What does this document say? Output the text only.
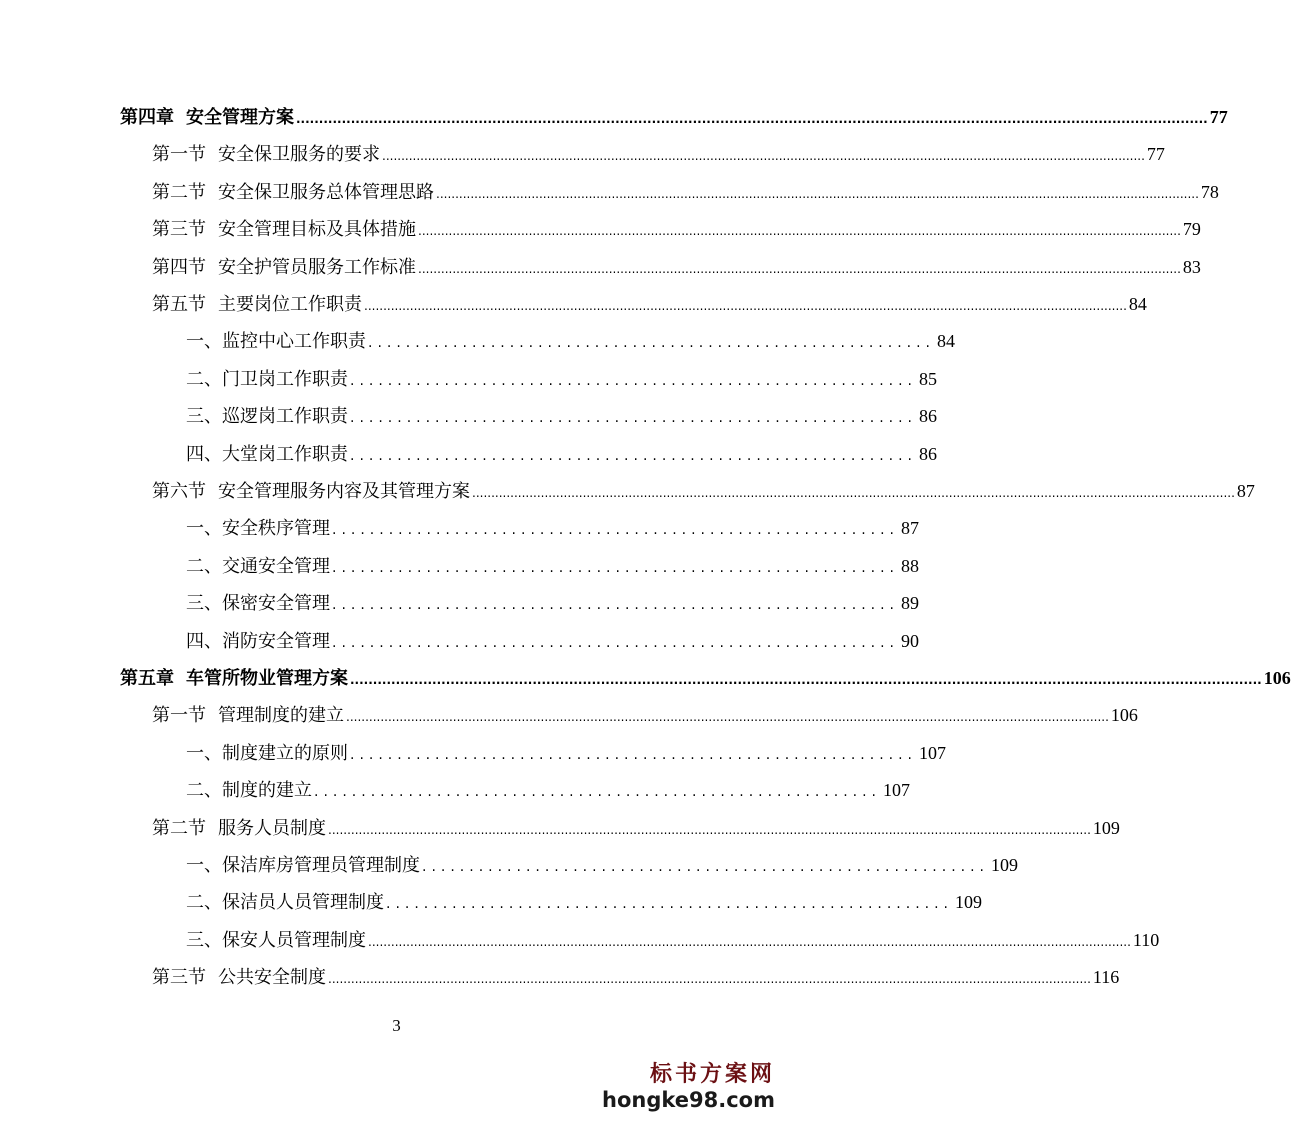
第四章 安全管理方案 ........................................................................................................................................................................................................ 77
第一节 安全保卫服务的要求 ........................................................................................................................................................................................................ 77
第二节 安全保卫服务总体管理思路 ........................................................................................................................................................................................................ 78
第三节 安全管理目标及具体措施 ........................................................................................................................................................................................................ 79
第四节 安全护管员服务工作标准 ........................................................................................................................................................................................................ 83
第五节 主要岗位工作职责 ........................................................................................................................................................................................................ 84
一、监控中心工作职责 ............................................................ 84
二、门卫岗工作职责 ............................................................ 85
三、巡逻岗工作职责 ............................................................ 86
四、大堂岗工作职责 ............................................................ 86
第六节 安全管理服务内容及其管理方案 ........................................................................................................................................................................................................ 87
一、安全秩序管理 ............................................................ 87
二、交通安全管理 ............................................................ 88
三、保密安全管理 ............................................................ 89
四、消防安全管理 ............................................................ 90
第五章 车管所物业管理方案 ........................................................................................................................................................................................................ 106
第一节 管理制度的建立 ........................................................................................................................................................................................................ 106
一、制度建立的原则 ............................................................ 107
二、制度的建立 ............................................................ 107
第二节 服务人员制度 ........................................................................................................................................................................................................ 109
一、保洁库房管理员管理制度 ............................................................ 109
二、保洁员人员管理制度 ............................................................ 109
三、保安人员管理制度 ........................................................................................................................................................................................................ 110
第三节 公共安全制度 ........................................................................................................................................................................................................ 116
3
标书方案网
hongke98.com
